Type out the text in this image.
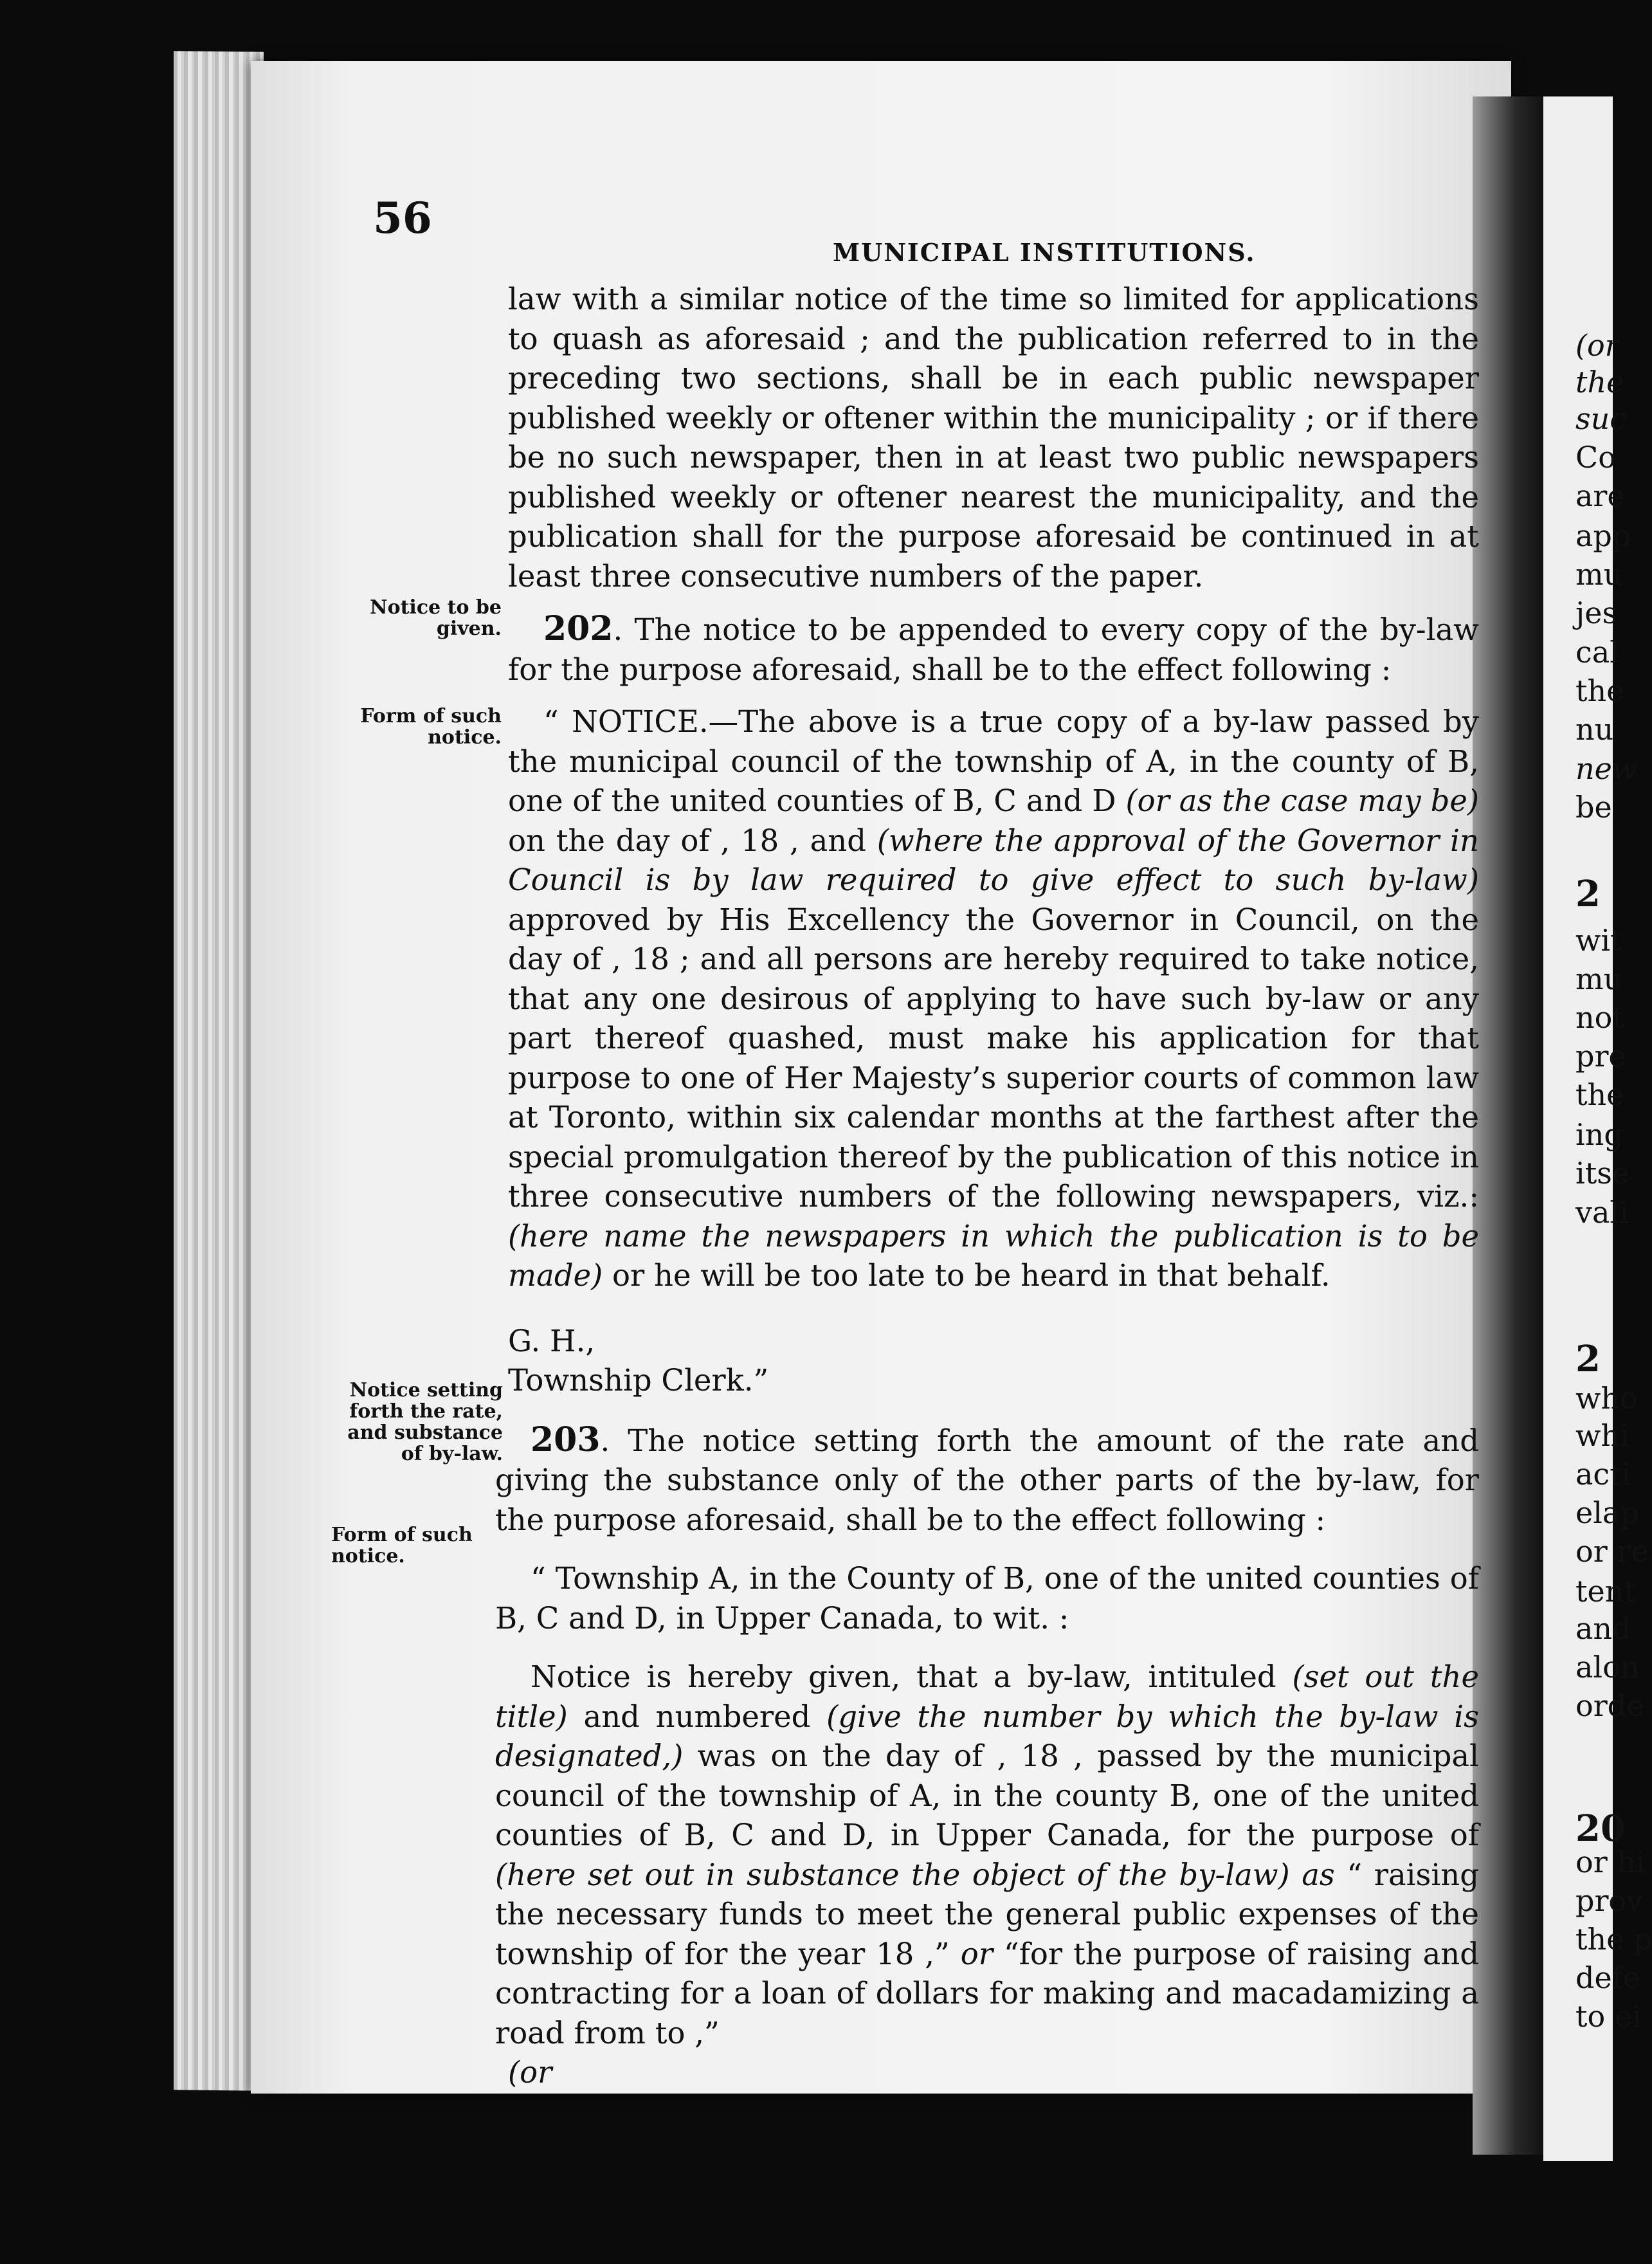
56
MUNICIPAL INSTITUTIONS.
Notice to be given.
Form of such notice.
Notice setting forth the rate, and substance of by-law.
Form of such notice.

law with a similar notice of the time so limited for applications to quash as aforesaid ; and the publication referred to in the preceding two sections, shall be in each public newspaper published weekly or oftener within the municipality ; or if there be no such newspaper, then in at least two public newspapers published weekly or oftener nearest the municipality, and the publication shall for the purpose aforesaid be continued in at least three consecutive numbers of the paper.

202. The notice to be appended to every copy of the by-law for the purpose aforesaid, shall be to the effect following :

“ NOTICE.—The above is a true copy of a by-law passed by the municipal council of the township of A, in the county of B, one of the united counties of B, C and D (or as the case may be) on the day of , 18 , and (where the approval of the Governor in Council is by law required to give effect to such by-law) approved by His Excellency the Governor in Council, on the day of , 18 ; and all persons are hereby required to take notice, that any one desirous of applying to have such by-law or any part thereof quashed, must make his application for that purpose to one of Her Majesty’s superior courts of common law at Toronto, within six calendar months at the farthest after the special promulgation thereof by the publication of this notice in three consecutive numbers of the following newspapers, viz.: (here name the newspapers in which the publication is to be made) or he will be too late to be heard in that behalf.

G. H.,

Township Clerk.”

203. The notice setting forth the amount of the rate and giving the substance only of the other parts of the by-law, for the purpose aforesaid, shall be to the effect following :

“ Township A, in the County of B, one of the united counties of B, C and D, in Upper Canada, to wit. :

Notice is hereby given, that a by-law, intituled (set out the title) and numbered (give the number by which the by-law is designated,) was on the day of , 18 , passed by the municipal council of the township of A, in the county B, one of the united counties of B, C and D, in Upper Canada, for the purpose of (here set out in substance the object of the by-law) as “ raising the necessary funds to meet the general public expenses of the township of for the year 18 ,” or “for the purpose of raising and contracting for a loan of dollars for making and macadamizing a road from to ,”

(or

(or
the
suc
Co
are
app
mu
jes
cal
the
nu
new
be
2
wit
mu
not
pre
the
ing
itse
vali
2
who
whi
acti
elap
or re
tent
and
alon
orde
20
or hi
prov
the p
defe
to ei
